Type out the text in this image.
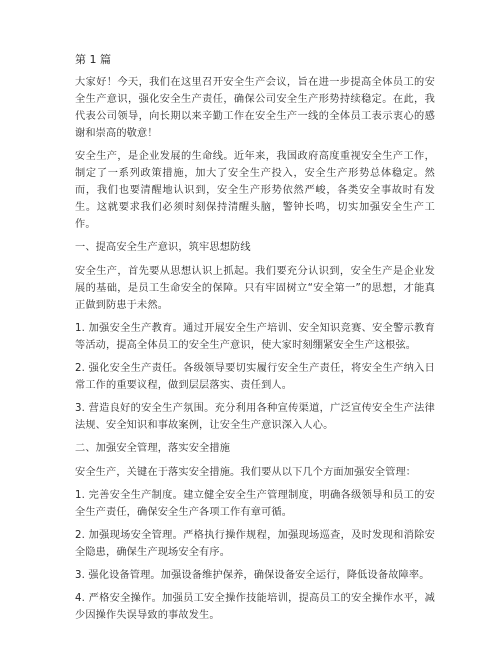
第 1 篇

大家好！今天，我们在这里召开安全生产会议，旨在进一步提高全体员工的安全生产意识，强化安全生产责任，确保公司安全生产形势持续稳定。在此，我代表公司领导，向长期以来辛勤工作在安全生产一线的全体员工表示衷心的感谢和崇高的敬意！

安全生产，是企业发展的生命线。近年来，我国政府高度重视安全生产工作，制定了一系列政策措施，加大了安全生产投入，安全生产形势总体稳定。然而，我们也要清醒地认识到，安全生产形势依然严峻，各类安全事故时有发生。这就要求我们必须时刻保持清醒头脑，警钟长鸣，切实加强安全生产工作。

一、提高安全生产意识，筑牢思想防线

安全生产，首先要从思想认识上抓起。我们要充分认识到，安全生产是企业发展的基础，是员工生命安全的保障。只有牢固树立“安全第一”的思想，才能真正做到防患于未然。

1. 加强安全生产教育。通过开展安全生产培训、安全知识竞赛、安全警示教育等活动，提高全体员工的安全生产意识，使大家时刻绷紧安全生产这根弦。

2. 强化安全生产责任。各级领导要切实履行安全生产责任，将安全生产纳入日常工作的重要议程，做到层层落实、责任到人。

3. 营造良好的安全生产氛围。充分利用各种宣传渠道，广泛宣传安全生产法律法规、安全知识和事故案例，让安全生产意识深入人心。

二、加强安全管理，落实安全措施

安全生产，关键在于落实安全措施。我们要从以下几个方面加强安全管理：

1. 完善安全生产制度。建立健全安全生产管理制度，明确各级领导和员工的安全生产责任，确保安全生产各项工作有章可循。

2. 加强现场安全管理。严格执行操作规程，加强现场巡查，及时发现和消除安全隐患，确保生产现场安全有序。

3. 强化设备管理。加强设备维护保养，确保设备安全运行，降低设备故障率。

4. 严格安全操作。加强员工安全操作技能培训，提高员工的安全操作水平，减少因操作失误导致的事故发生。
